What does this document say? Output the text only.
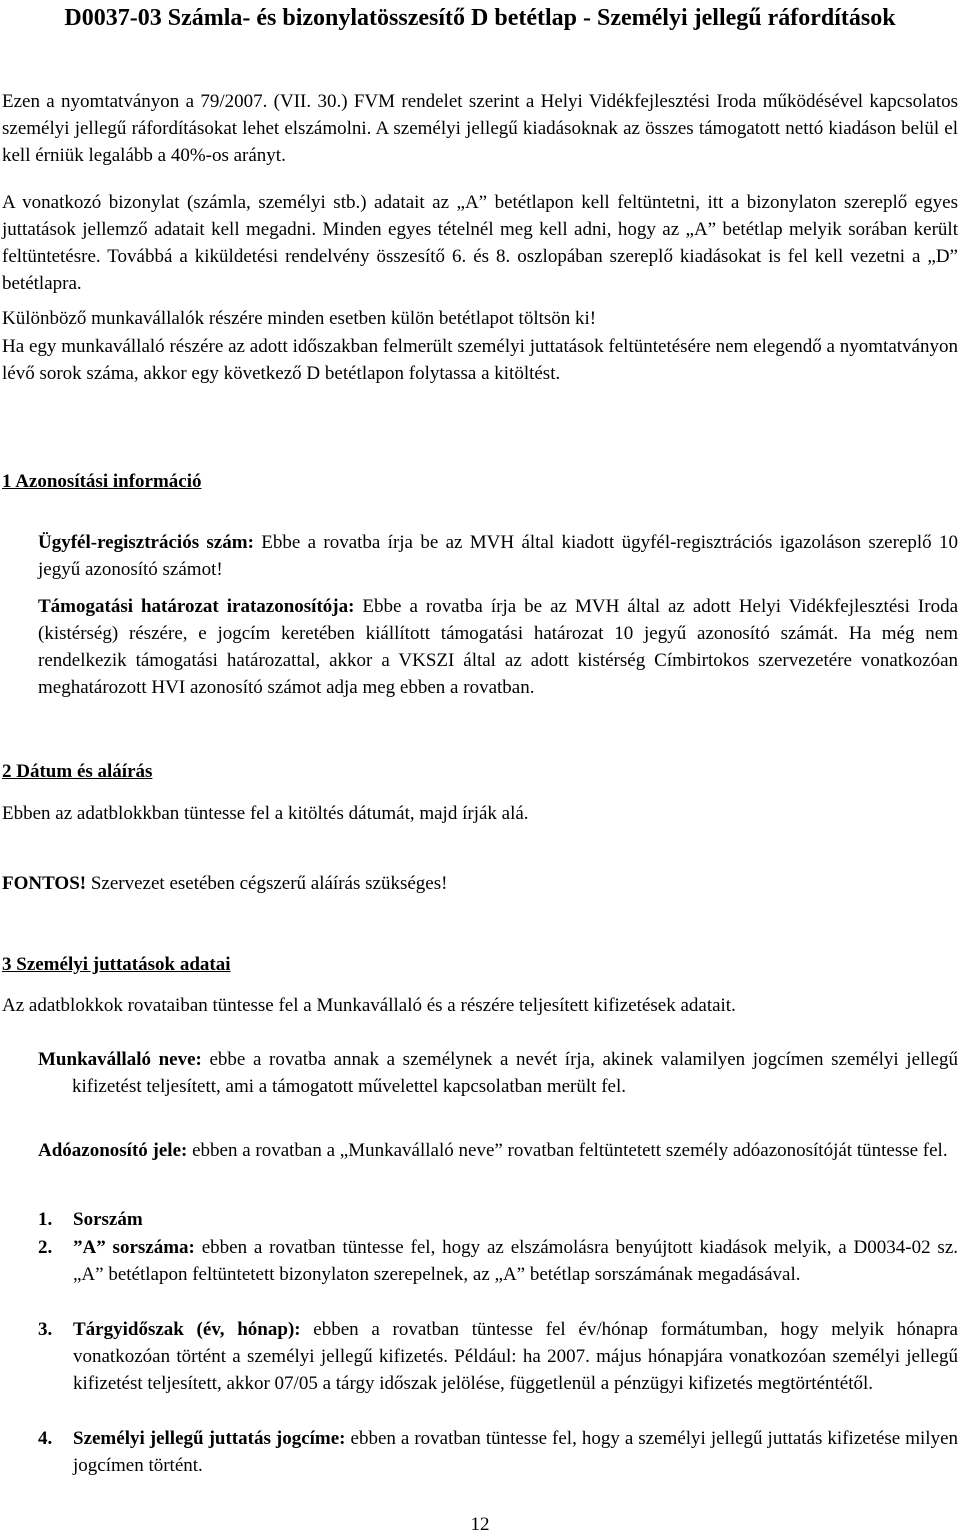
D0037-03 Számla- és bizonylatösszesítő D betétlap - Személyi jellegű ráfordítások

Ezen a nyomtatványon a 79/2007. (VII. 30.) FVM rendelet szerint a Helyi Vidékfejlesztési Iroda működésével kapcsolatos személyi jellegű ráfordításokat lehet elszámolni. A személyi jellegű kiadásoknak az összes támogatott nettó kiadáson belül el kell érniük legalább a 40%-os arányt.

A vonatkozó bizonylat (számla, személyi stb.) adatait az „A” betétlapon kell feltüntetni, itt a bizonylaton szereplő egyes juttatások jellemző adatait kell megadni. Minden egyes tételnél meg kell adni, hogy az „A” betétlap melyik sorában került feltüntetésre. Továbbá a kiküldetési rendelvény összesítő 6. és 8. oszlopában szereplő kiadásokat is fel kell vezetni a „D” betétlapra.

Különböző munkavállalók részére minden esetben külön betétlapot töltsön ki!

Ha egy munkavállaló részére az adott időszakban felmerült személyi juttatások feltüntetésére nem elegendő a nyomtatványon lévő sorok száma, akkor egy következő D betétlapon folytassa a kitöltést.

1 Azonosítási információ

Ügyfél-regisztrációs szám: Ebbe a rovatba írja be az MVH által kiadott ügyfél-regisztrációs igazoláson szereplő 10 jegyű azonosító számot!

Támogatási határozat iratazonosítója: Ebbe a rovatba írja be az MVH által az adott Helyi Vidékfejlesztési Iroda (kistérség) részére, e jogcím keretében kiállított támogatási határozat 10 jegyű azonosító számát. Ha még nem rendelkezik támogatási határozattal, akkor a VKSZI által az adott kistérség Címbirtokos szervezetére vonatkozóan meghatározott HVI azonosító számot adja meg ebben a rovatban.

2 Dátum és aláírás

Ebben az adatblokkban tüntesse fel a kitöltés dátumát, majd írják alá.

FONTOS! Szervezet esetében cégszerű aláírás szükséges!

3 Személyi juttatások adatai

Az adatblokkok rovataiban tüntesse fel a Munkavállaló és a részére teljesített kifizetések adatait.

Munkavállaló neve: ebbe a rovatba annak a személynek a nevét írja, akinek valamilyen jogcímen személyi jellegű kifizetést teljesített, ami a támogatott művelettel kapcsolatban merült fel.

Adóazonosító jele: ebben a rovatban a „Munkavállaló neve” rovatban feltüntetett személy adóazonosítóját tüntesse fel.

1. Sorszám

2. ”A” sorszáma: ebben a rovatban tüntesse fel, hogy az elszámolásra benyújtott kiadások melyik, a D0034-02 sz. „A” betétlapon feltüntetett bizonylaton szerepelnek, az „A” betétlap sorszámának megadásával.

3. Tárgyidőszak (év, hónap): ebben a rovatban tüntesse fel év/hónap formátumban, hogy melyik hónapra vonatkozóan történt a személyi jellegű kifizetés. Például: ha 2007. május hónapjára vonatkozóan személyi jellegű kifizetést teljesített, akkor 07/05 a tárgy időszak jelölése, függetlenül a pénzügyi kifizetés megtörténtétől.

4. Személyi jellegű juttatás jogcíme: ebben a rovatban tüntesse fel, hogy a személyi jellegű juttatás kifizetése milyen jogcímen történt.

12
